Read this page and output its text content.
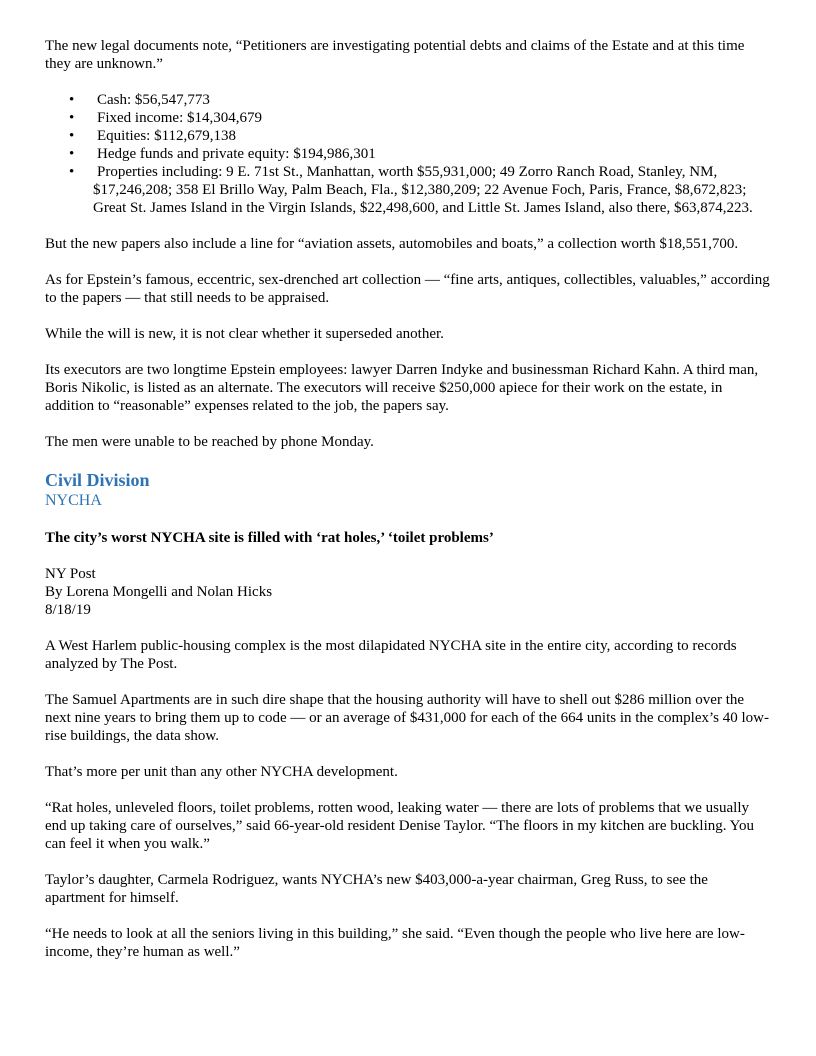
The new legal documents note, “Petitioners are investigating potential debts and claims of the Estate and at this time they are unknown.”

• Cash: $56,547,773
• Fixed income: $14,304,679
• Equities: $112,679,138
• Hedge funds and private equity: $194,986,301
• Properties including: 9 E. 71st St., Manhattan, worth $55,931,000; 49 Zorro Ranch Road, Stanley, NM, $17,246,208; 358 El Brillo Way, Palm Beach, Fla., $12,380,209; 22 Avenue Foch, Paris, France, $8,672,823; Great St. James Island in the Virgin Islands, $22,498,600, and Little St. James Island, also there, $63,874,223.

But the new papers also include a line for “aviation assets, automobiles and boats,” a collection worth $18,551,700.

As for Epstein’s famous, eccentric, sex-drenched art collection — “fine arts, antiques, collectibles, valuables,” according to the papers — that still needs to be appraised.

While the will is new, it is not clear whether it superseded another.

Its executors are two longtime Epstein employees: lawyer Darren Indyke and businessman Richard Kahn. A third man, Boris Nikolic, is listed as an alternate. The executors will receive $250,000 apiece for their work on the estate, in addition to “reasonable” expenses related to the job, the papers say.

The men were unable to be reached by phone Monday.

Civil Division
NYCHA
The city’s worst NYCHA site is filled with ‘rat holes,’ ‘toilet problems’

NY Post

By Lorena Mongelli and Nolan Hicks

8/18/19

A West Harlem public-housing complex is the most dilapidated NYCHA site in the entire city, according to records analyzed by The Post.

The Samuel Apartments are in such dire shape that the housing authority will have to shell out $286 million over the next nine years to bring them up to code — or an average of $431,000 for each of the 664 units in the complex’s 40 low-rise buildings, the data show.

That’s more per unit than any other NYCHA development.

“Rat holes, unleveled floors, toilet problems, rotten wood, leaking water — there are lots of problems that we usually end up taking care of ourselves,” said 66-year-old resident Denise Taylor. “The floors in my kitchen are buckling. You can feel it when you walk.”

Taylor’s daughter, Carmela Rodriguez, wants NYCHA’s new $403,000-a-year chairman, Greg Russ, to see the apartment for himself.

“He needs to look at all the seniors living in this building,” she said. “Even though the people who live here are low-income, they’re human as well.”
